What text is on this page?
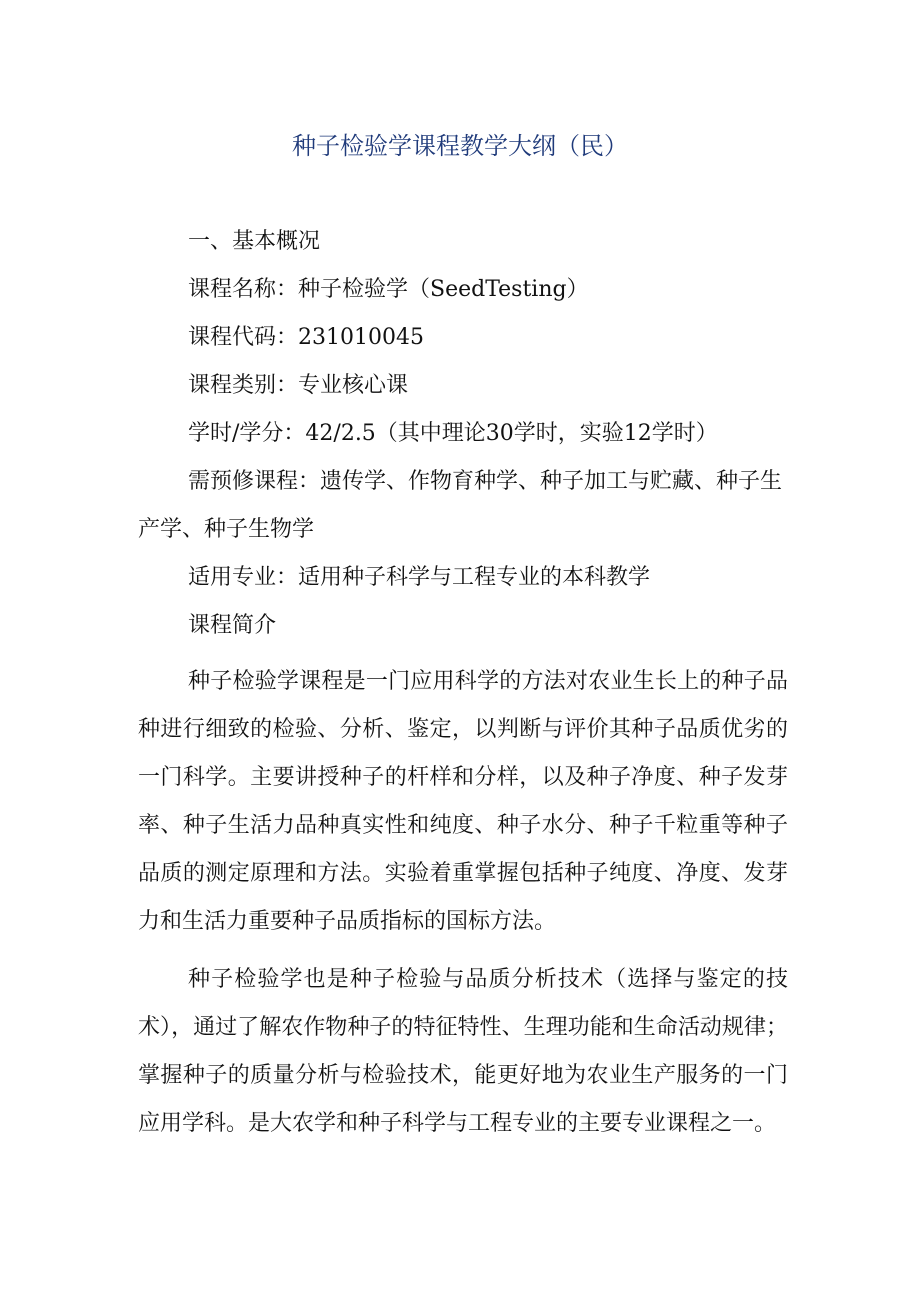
种子检验学课程教学大纲（民）
一、基本概况
课程名称：种子检验学（SeedTesting）
课程代码：231010045
课程类别：专业核心课
学时/学分：42/2.5（其中理论30学时，实验12学时）
需预修课程：遗传学、作物育种学、种子加工与贮藏、种子生产学、种子生物学
适用专业：适用种子科学与工程专业的本科教学
课程简介

种子检验学课程是一门应用科学的方法对农业生长上的种子品种进行细致的检验、分析、鉴定，以判断与评价其种子品质优劣的一门科学。主要讲授种子的杆样和分样，以及种子净度、种子发芽率、种子生活力品种真实性和纯度、种子水分、种子千粒重等种子品质的测定原理和方法。实验着重掌握包括种子纯度、净度、发芽力和生活力重要种子品质指标的国标方法。

种子检验学也是种子检验与品质分析技术（选择与鉴定的技术），通过了解农作物种子的特征特性、生理功能和生命活动规律；掌握种子的质量分析与检验技术，能更好地为农业生产服务的一门应用学科。是大农学和种子科学与工程专业的主要专业课程之一。
